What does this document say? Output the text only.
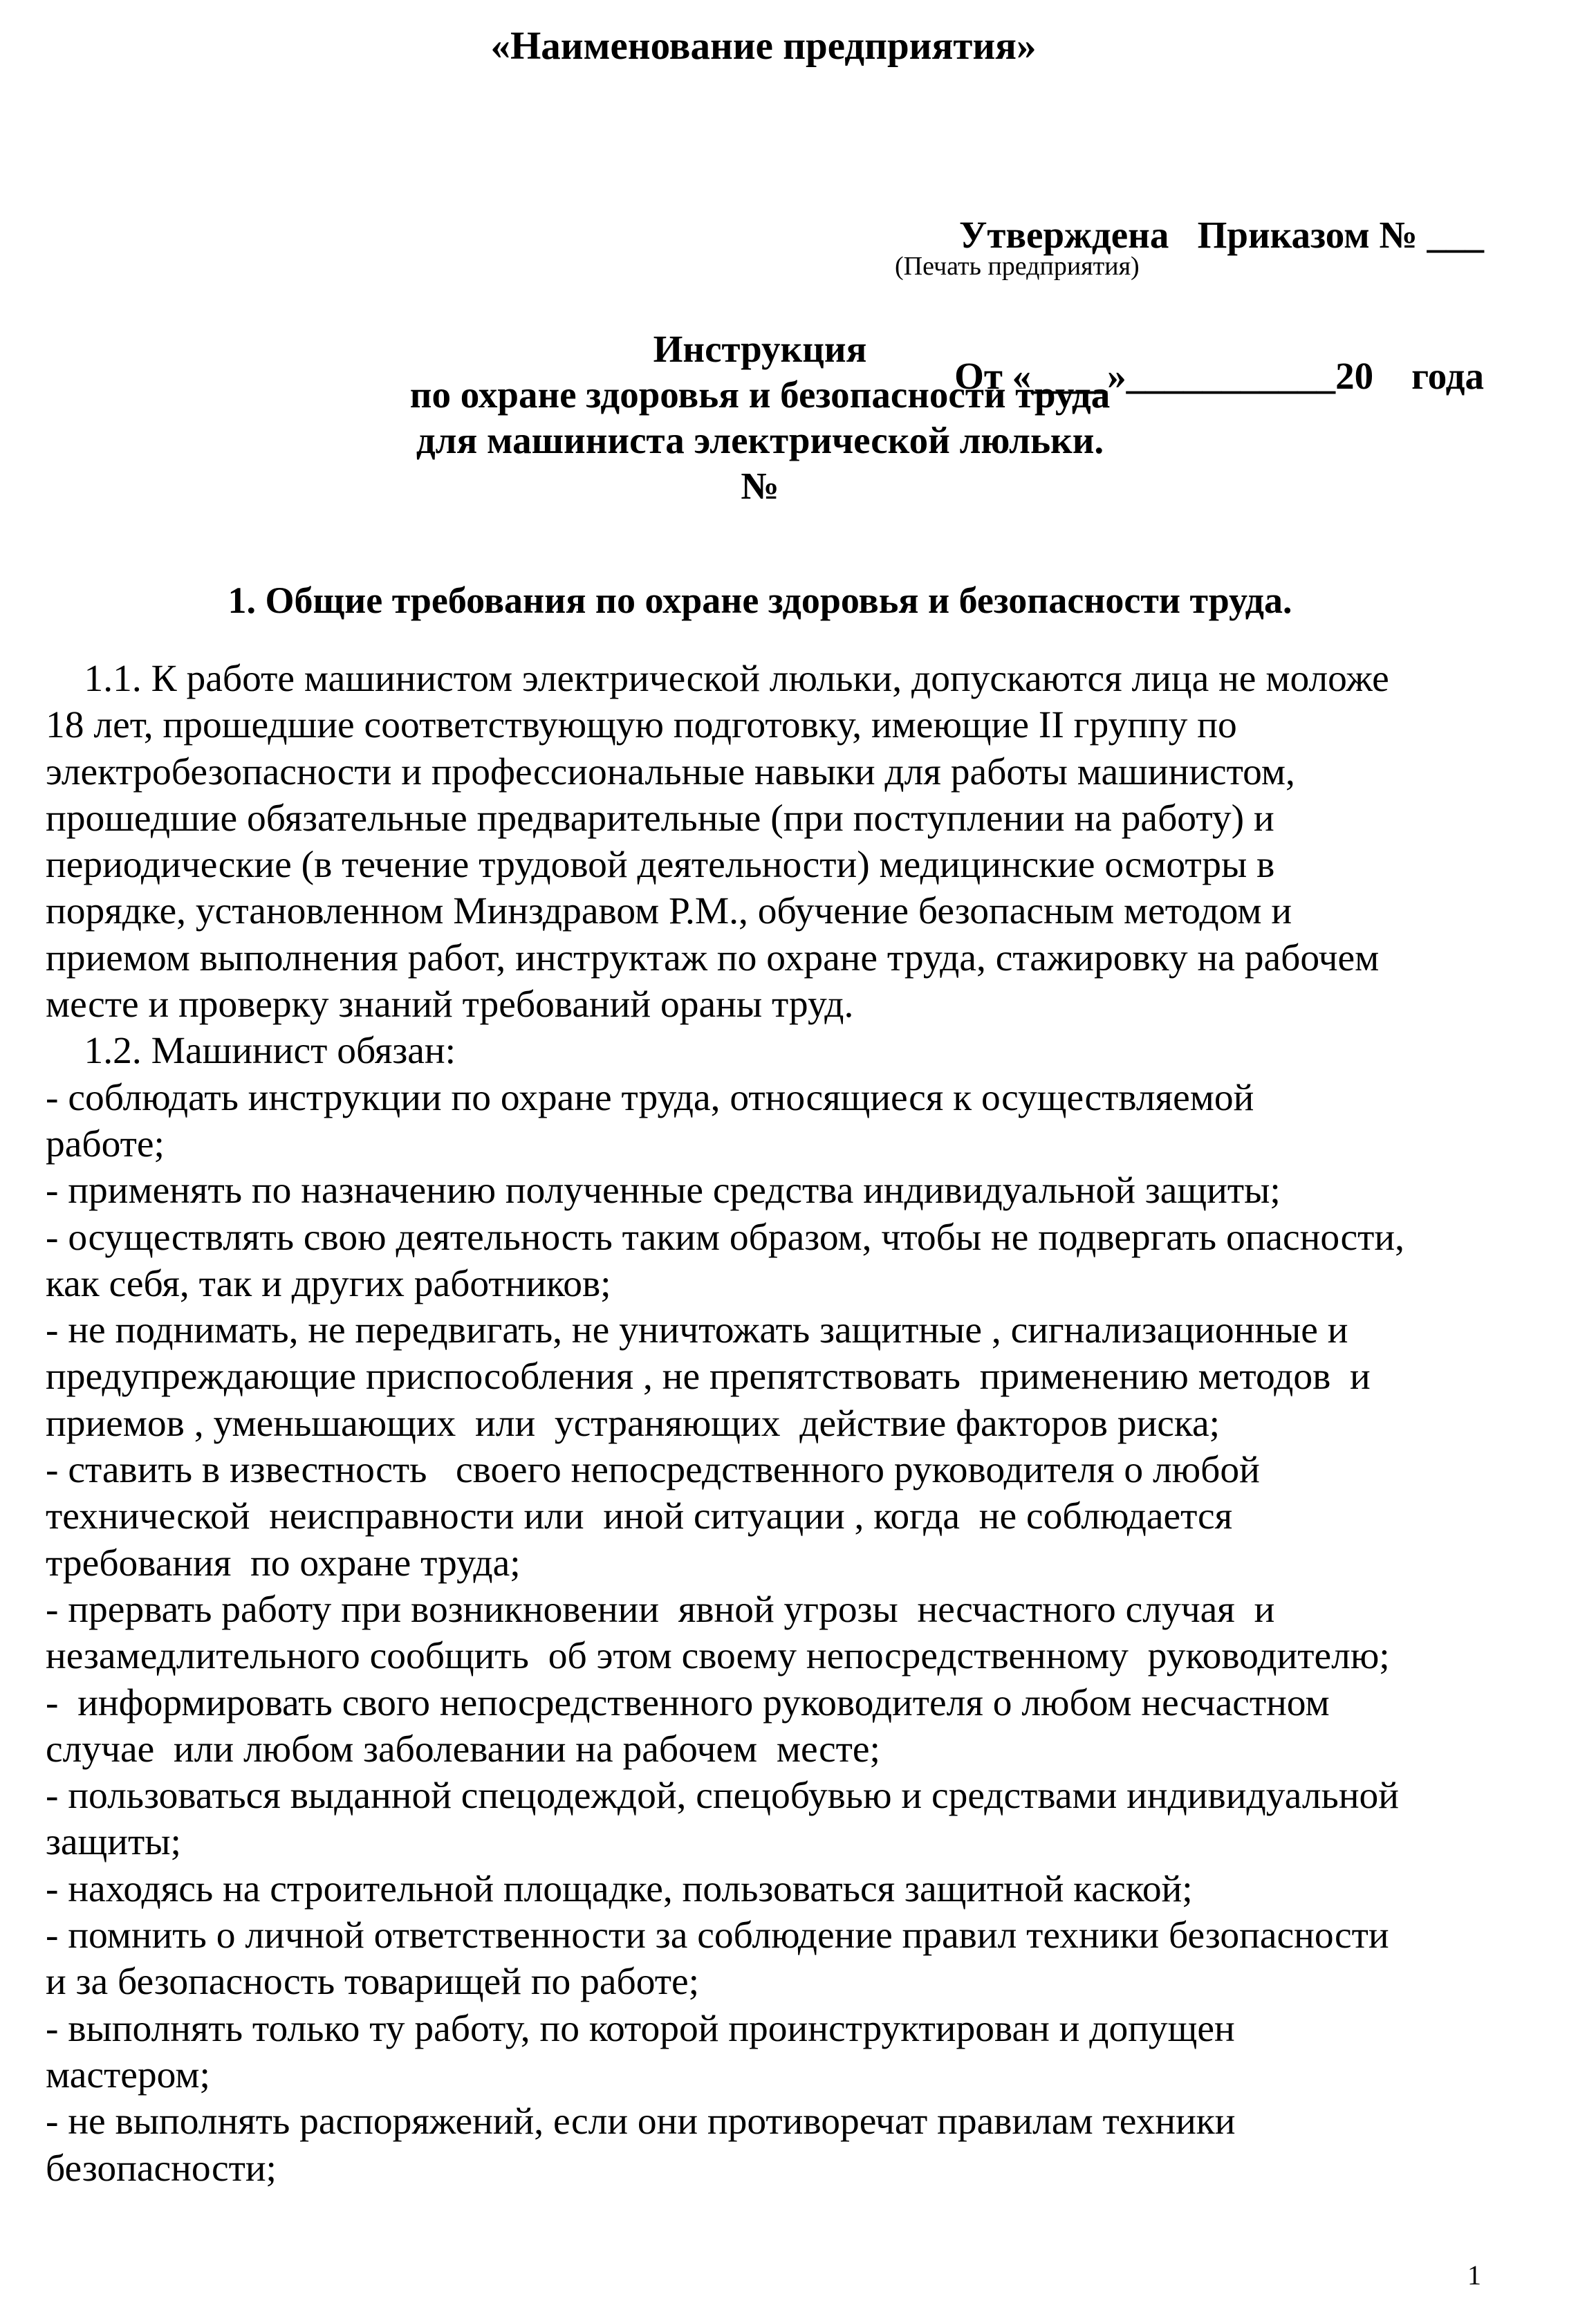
«Наименование предприятия»

Утверждена   Приказом № ___

От «____»___________20    года

(Печать предприятия)
Инструкция
по охране здоровья и безопасности труда
для машиниста электрической люльки.
№
1. Общие требования по охране здоровья и безопасности труда.
1.1. К работе машинистом электрической люльки, допускаются лица не моложе
18 лет, прошедшие соответствующую подготовку, имеющие II группу по
электробезопасности и профессиональные навыки для работы машинистом,
прошедшие обязательные предварительные (при поступлении на работу) и
периодические (в течение трудовой деятельности) медицинские осмотры в
порядке, установленном Минздравом Р.М., обучение безопасным методом и
приемом выполнения работ, инструктаж по охране труда, стажировку на рабочем
месте и проверку знаний требований ораны труд.
1.2. Машинист обязан:
- соблюдать инструкции по охране труда, относящиеся к осуществляемой
работе;
- применять по назначению полученные средства индивидуальной защиты;
- осуществлять свою деятельность таким образом, чтобы не подвергать опасности,
как себя, так и других работников;
- не поднимать, не передвигать, не уничтожать защитные , сигнализационные и
предупреждающие приспособления , не препятствовать  применению методов  и
приемов , уменьшающих  или  устраняющих  действие факторов риска;
- ставить в известность   своего непосредственного руководителя о любой
технической  неисправности или  иной ситуации , когда  не соблюдается
требования  по охране труда;
- прервать работу при возникновении  явной угрозы  несчастного случая  и
незамедлительного сообщить  об этом своему непосредственному  руководителю;
-  информировать свого непосредственного руководителя о любом несчастном
случае  или любом заболевании на рабочем  месте;
- пользоваться выданной спецодеждой, спецобувью и средствами индивидуальной
защиты;
- находясь на строительной площадке, пользоваться защитной каской;
- помнить о личной ответственности за соблюдение правил техники безопасности
и за безопасность товарищей по работе;
- выполнять только ту работу, по которой проинструктирован и допущен
мастером;
- не выполнять распоряжений, если они противоречат правилам техники
безопасности;
1
